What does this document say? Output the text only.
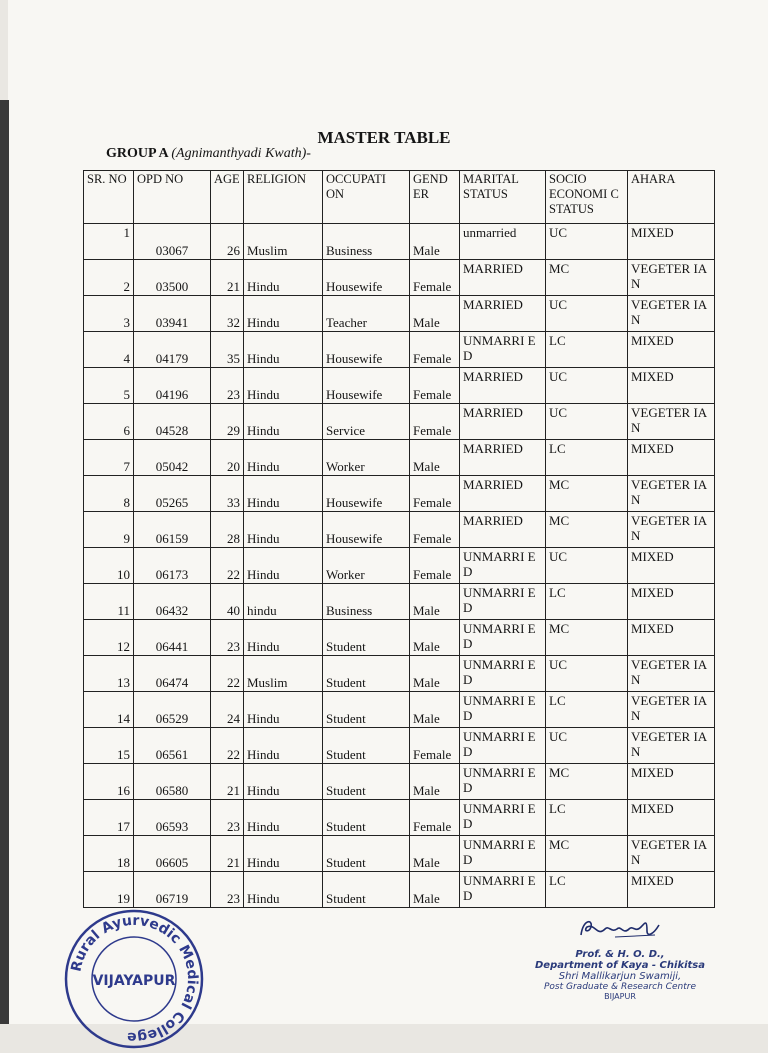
MASTER TABLE
GROUP A (Agnimanthyadi Kwath)-
SR. NO	OPD NO	AGE	RELIGION	OCCUPATI ON	GEND ER	MARITAL STATUS	SOCIO ECONOMI C STATUS	AHARA
1	03067	26	Muslim	Business	Male	unmarried	UC	MIXED
2	03500	21	Hindu	Housewife	Female	MARRIED	MC	VEGETER IA N
3	03941	32	Hindu	Teacher	Male	MARRIED	UC	VEGETER IA N
4	04179	35	Hindu	Housewife	Female	UNMARRI E D	LC	MIXED
5	04196	23	Hindu	Housewife	Female	MARRIED	UC	MIXED
6	04528	29	Hindu	Service	Female	MARRIED	UC	VEGETER IA N
7	05042	20	Hindu	Worker	Male	MARRIED	LC	MIXED
8	05265	33	Hindu	Housewife	Female	MARRIED	MC	VEGETER IA N
9	06159	28	Hindu	Housewife	Female	MARRIED	MC	VEGETER IA N
10	06173	22	Hindu	Worker	Female	UNMARRI E D	UC	MIXED
11	06432	40	hindu	Business	Male	UNMARRI E D	LC	MIXED
12	06441	23	Hindu	Student	Male	UNMARRI E D	MC	MIXED
13	06474	22	Muslim	Student	Male	UNMARRI E D	UC	VEGETER IA N
14	06529	24	Hindu	Student	Male	UNMARRI E D	LC	VEGETER IA N
15	06561	22	Hindu	Student	Female	UNMARRI E D	UC	VEGETER IA N
16	06580	21	Hindu	Student	Male	UNMARRI E D	MC	MIXED
17	06593	23	Hindu	Student	Female	UNMARRI E D	LC	MIXED
18	06605	21	Hindu	Student	Male	UNMARRI E D	MC	VEGETER IA N
19	06719	23	Hindu	Student	Male	UNMARRI E D	LC	MIXED
Rural Ayurvedic Medical College
VIJAYAPUR
Prof. & H. O. D.,
Department of Kaya - Chikitsa
Shri Mallikarjun Swamiji,
Post Graduate & Research Centre
BIJAPUR
